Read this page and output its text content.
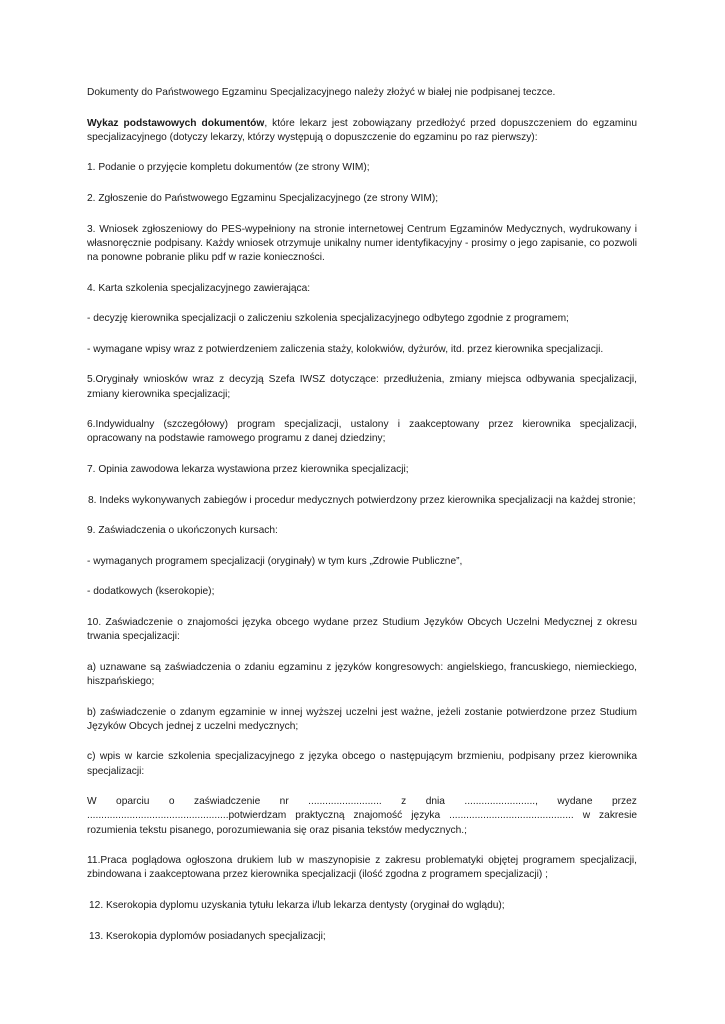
Dokumenty do Państwowego Egzaminu Specjalizacyjnego należy złożyć w białej nie podpisanej teczce.

Wykaz podstawowych dokumentów, które lekarz jest zobowiązany przedłożyć przed dopuszczeniem do egzaminu specjalizacyjnego (dotyczy lekarzy, którzy występują o dopuszczenie do egzaminu po raz pierwszy):

1. Podanie o przyjęcie kompletu dokumentów (ze strony WIM);

2. Zgłoszenie do Państwowego Egzaminu Specjalizacyjnego (ze strony WIM);

3. Wniosek zgłoszeniowy do PES-wypełniony na stronie internetowej Centrum Egzaminów Medycznych, wydrukowany i własnoręcznie podpisany. Każdy wniosek otrzymuje unikalny numer identyfikacyjny - prosimy o jego zapisanie, co pozwoli na ponowne pobranie pliku pdf w razie konieczności.

4. Karta szkolenia specjalizacyjnego zawierająca:

- decyzję kierownika specjalizacji o zaliczeniu szkolenia specjalizacyjnego odbytego zgodnie z programem;

- wymagane wpisy wraz z potwierdzeniem zaliczenia staży, kolokwiów, dyżurów, itd. przez kierownika specjalizacji.

5.Oryginały wniosków wraz z decyzją Szefa IWSZ dotyczące: przedłużenia, zmiany miejsca odbywania specjalizacji, zmiany kierownika specjalizacji;

6.Indywidualny (szczegółowy) program specjalizacji, ustalony i zaakceptowany przez kierownika specjalizacji, opracowany na podstawie ramowego programu z danej dziedziny;

7. Opinia zawodowa lekarza wystawiona przez kierownika specjalizacji;

8. Indeks wykonywanych zabiegów i procedur medycznych potwierdzony przez kierownika specjalizacji na każdej stronie;

9. Zaświadczenia o ukończonych kursach:

- wymaganych programem specjalizacji (oryginały) w tym kurs „Zdrowie Publiczne”,

- dodatkowych (kserokopie);

10. Zaświadczenie o znajomości języka obcego wydane przez Studium Języków Obcych Uczelni Medycznej z okresu trwania specjalizacji:

a) uznawane są zaświadczenia o zdaniu egzaminu z języków kongresowych: angielskiego, francuskiego, niemieckiego, hiszpańskiego;

b) zaświadczenie o zdanym egzaminie w innej wyższej uczelni jest ważne, jeżeli zostanie potwierdzone przez Studium Języków Obcych jednej z uczelni medycznych;

c) wpis w karcie szkolenia specjalizacyjnego z języka obcego o następującym brzmieniu, podpisany przez kierownika specjalizacji:

W oparciu o zaświadczenie nr .......................... z dnia ........................., wydane przez
..................................................potwierdzam praktyczną znajomość języka ............................................ w zakresie
rozumienia tekstu pisanego, porozumiewania się oraz pisania tekstów medycznych.;

11.Praca poglądowa ogłoszona drukiem lub w maszynopisie z zakresu problematyki objętej programem specjalizacji, zbindowana i zaakceptowana przez kierownika specjalizacji (ilość zgodna z programem specjalizacji) ;

12. Kserokopia dyplomu uzyskania tytułu lekarza i/lub lekarza dentysty (oryginał do wglądu);

13. Kserokopia dyplomów posiadanych specjalizacji;
